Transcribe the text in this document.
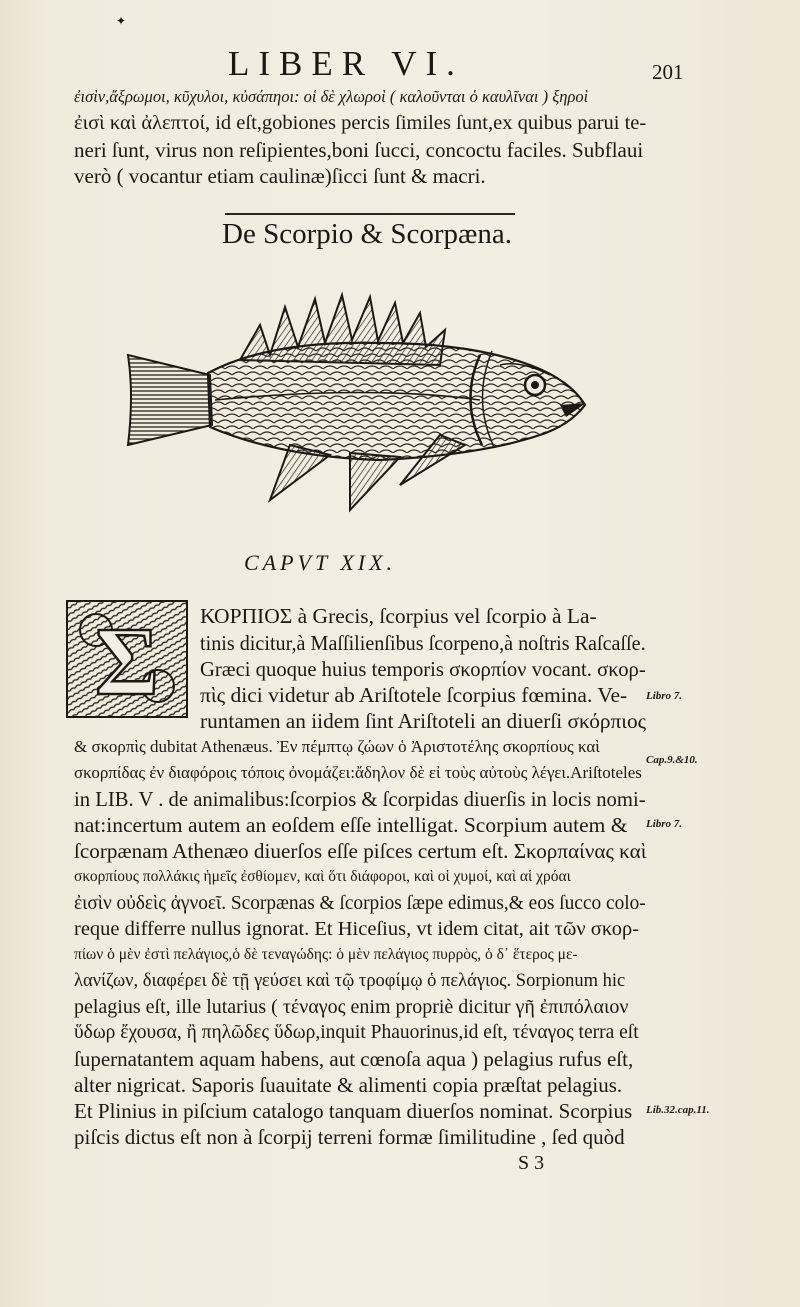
✦
LIBER VI.	201
ἐισὶν,ἄξρωμοι, κῦχυλοι, κὐσάπηοι: οἱ δὲ χλωροὶ ( καλοῦνται ὁ καυλῖναι ) ξηροὶ
ἐισὶ καὶ ἀλεπτοί, id eſt,gobiones percis ſimiles ſunt,ex quibus parui te-
neri ſunt, virus non reſipientes,boni ſucci, concoctu faciles. Subflaui
verò ( vocantur etiam caulinæ)ſicci ſunt & macri.
De Scorpio & Scorpæna.
CAPVT XIX.
Σ ΚΟΡΠΙΟΣ à Grecis, ſcorpius vel ſcorpio à La-
tinis dicitur,à Maſſilienſibus ſcorpeno,à noſtris Raſcaſſe.
Græci quoque huius temporis σκορπίον vocant. σκορ-
πὶς dici videtur ab Ariſtotele ſcorpius fœmina. Ve-
runtamen an iidem ſint Ariſtoteli an diuerſi σκόρπιος
& σκορπὶς dubitat Athenæus. Ἐν πέμπτῳ ζώων ὁ Ἀριστοτέλης σκορπίους καὶ
σκορπίδας ἐν διαφόροις τόποις ὀνομάζει:ἄδηλον δὲ εἰ τοὺς αὐτοὺς λέγει.Ariſtoteles
in LIB. V . de animalibus:ſcorpios & ſcorpidas diuerſis in locis nomi-
nat:incertum autem an eoſdem eſſe intelligat. Scorpium autem &
ſcorpænam Athenæo diuerſos eſſe piſces certum eſt. Σκορπαίνας καὶ
σκορπίους πολλάκις ἡμεῖς ἐσθίομεν, καὶ ὅτι διάφοροι, καὶ οἱ χυμοί, καὶ αἱ χρόαι
ἐισὶν οὐδεὶς ἀγνοεῖ. Scorpænas & ſcorpios ſæpe edimus,& eos ſucco colo-
reque differre nullus ignorat. Et Hiceſius, vt idem citat, ait τῶν σκορ-
πίων ὁ μὲν ἐστὶ πελάγιος,ὁ δὲ τεναγώδης: ὁ μὲν πελάγιος πυρρὸς, ὁ δ᾽ ἕτερος με-
λανίζων, διαφέρει δὲ τῇ γεύσει καὶ τῷ τροφίμῳ ὁ πελάγιος. Sorpionum hic
pelagius eſt, ille lutarius ( τέναγος enim propriè dicitur γῆ ἐπιπόλαιον
ὕδωρ ἔχουσα, ἢ πηλῶδες ὕδωρ,inquit Phauorinus,id eſt, τέναγος terra eſt
ſupernatantem aquam habens, aut cœnoſa aqua ) pelagius rufus eſt,
alter nigricat. Saporis ſuauitate & alimenti copia præſtat pelagius.
Et Plinius in piſcium catalogo tanquam diuerſos nominat. Scorpius
piſcis dictus eſt non à ſcorpij terreni formæ ſimilitudine , ſed quòd
Libro 7.
Cap.9.&10.
Libro 7.
Lib.32.cap.11.
S 3
